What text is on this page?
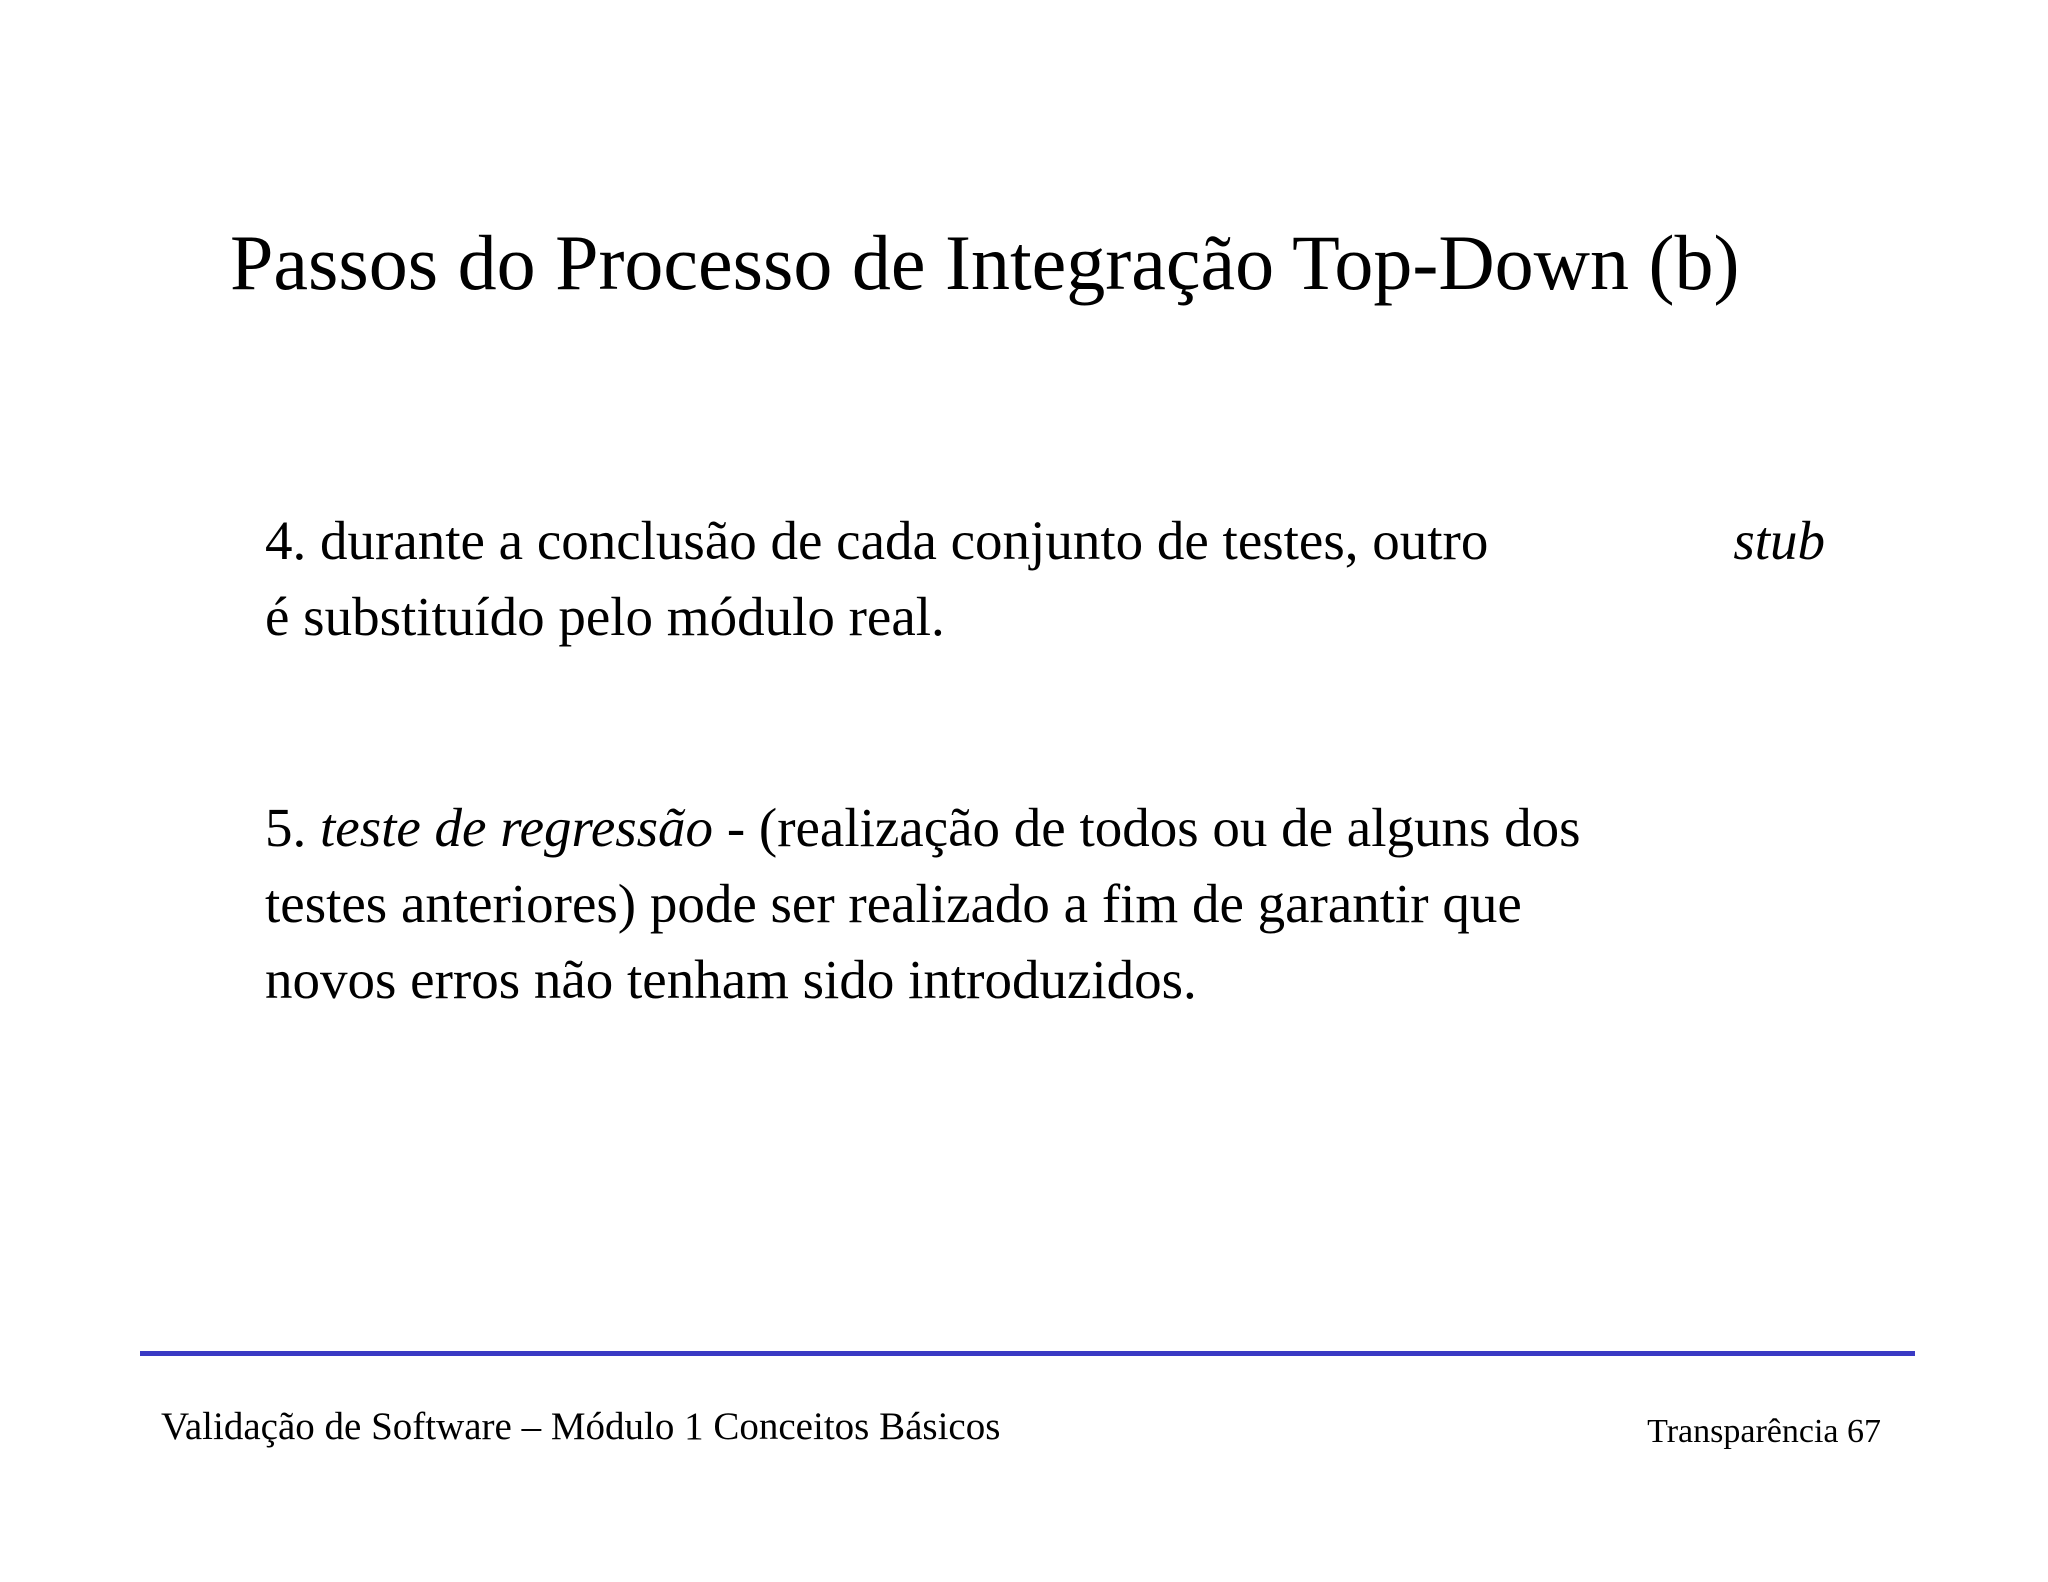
Passos do Processo de Integração Top-Down (b)

4. durante a conclusão de cada conjunto de testes, outro	stub

é substituído pelo módulo real.

5. teste de regressão - (realização de todos ou de alguns dos

testes anteriores) pode ser realizado a fim de garantir que

novos erros não tenham sido introduzidos.

Validação de Software – Módulo 1 Conceitos Básicos	Transparência 67
